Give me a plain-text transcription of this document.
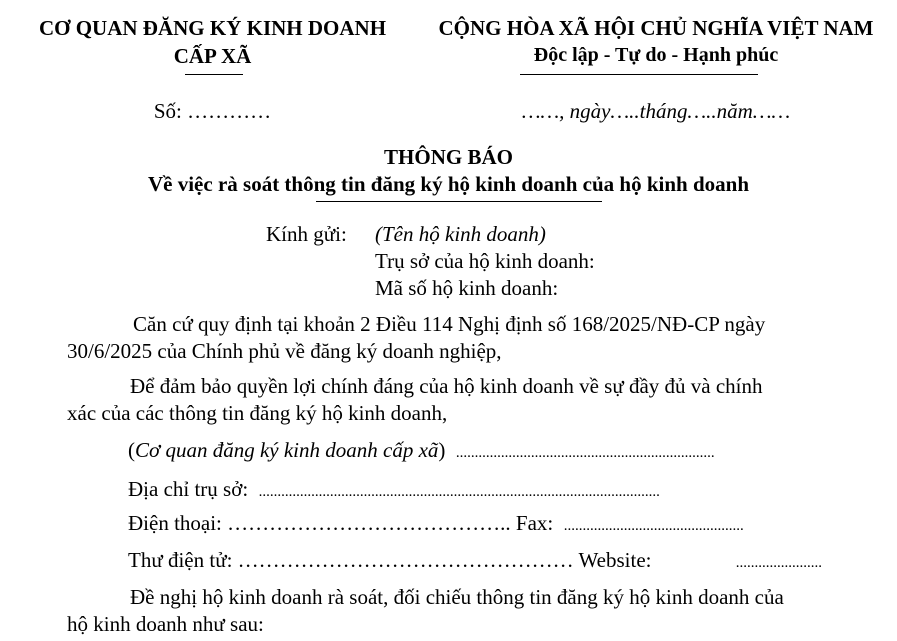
CƠ QUAN ĐĂNG KÝ KINH DOANH
CẤP XÃ
CỘNG HÒA XÃ HỘI CHỦ NGHĨA VIỆT NAM
Độc lập - Tự do - Hạnh phúc
Số: …………	……, ngày…..tháng…..năm……
THÔNG BÁO
Về việc rà soát thông tin đăng ký hộ kinh doanh của hộ kinh doanh
Kính gửi: (Tên hộ kinh doanh)
Trụ sở của hộ kinh doanh:
Mã số hộ kinh doanh:
Căn cứ quy định tại khoản 2 Điều 114 Nghị định số 168/2025/NĐ-CP ngày
30/6/2025 của Chính phủ về đăng ký doanh nghiệp,
Để đảm bảo quyền lợi chính đáng của hộ kinh doanh về sự đầy đủ và chính
xác của các thông tin đăng ký hộ kinh doanh,
( Cơ quan đăng ký kinh doanh cấp xã )
.....................................................................
Địa chỉ trụ sở:
...........................................................................................................
Điện thoại: ………………………………….. Fax:
................................................
Thư điện tử: ………………………………………… Website:
	.......................
Đề nghị hộ kinh doanh rà soát, đối chiếu thông tin đăng ký hộ kinh doanh của
hộ kinh doanh như sau:
